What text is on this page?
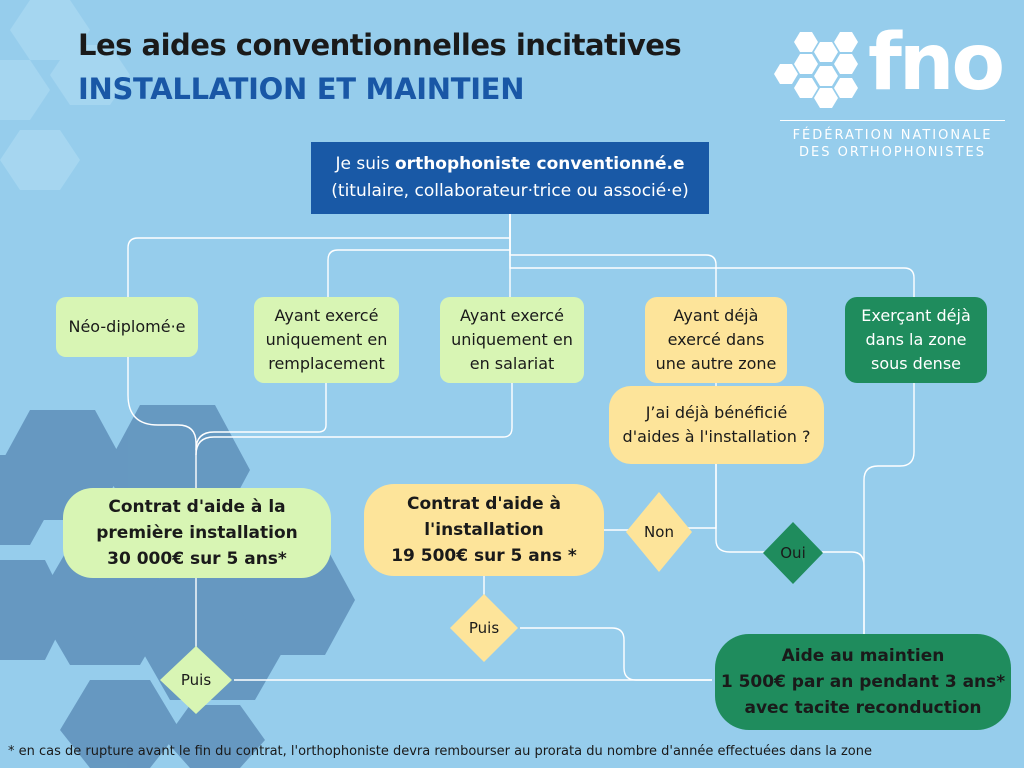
Les aides conventionnelles incitatives
INSTALLATION ET MAINTIEN	fno
FÉDÉRATION NATIONALE
DES ORTHOPHONISTES
Je suis orthophoniste conventionné.e
(titulaire, collaborateur·trice ou associé·e)
Néo-diplomé·e
Ayant exercé
uniquement en
remplacement
Ayant exercé
uniquement en
en salariat
Ayant déjà
exercé dans
une autre zone
Exerçant déjà
dans la zone
sous dense
J’ai déjà bénéficié
d'aides à l'installation ?
Contrat d'aide à la
première installation
30 000€ sur 5 ans*
Contrat d'aide à
l'installation
19 500€ sur 5 ans *
Aide au maintien
1 500€ par an pendant 3 ans*
avec tacite reconduction
Non
Oui
Puis
Puis
* en cas de rupture avant le fin du contrat, l'orthophoniste devra rembourser au prorata du nombre d'année effectuées dans la zone
